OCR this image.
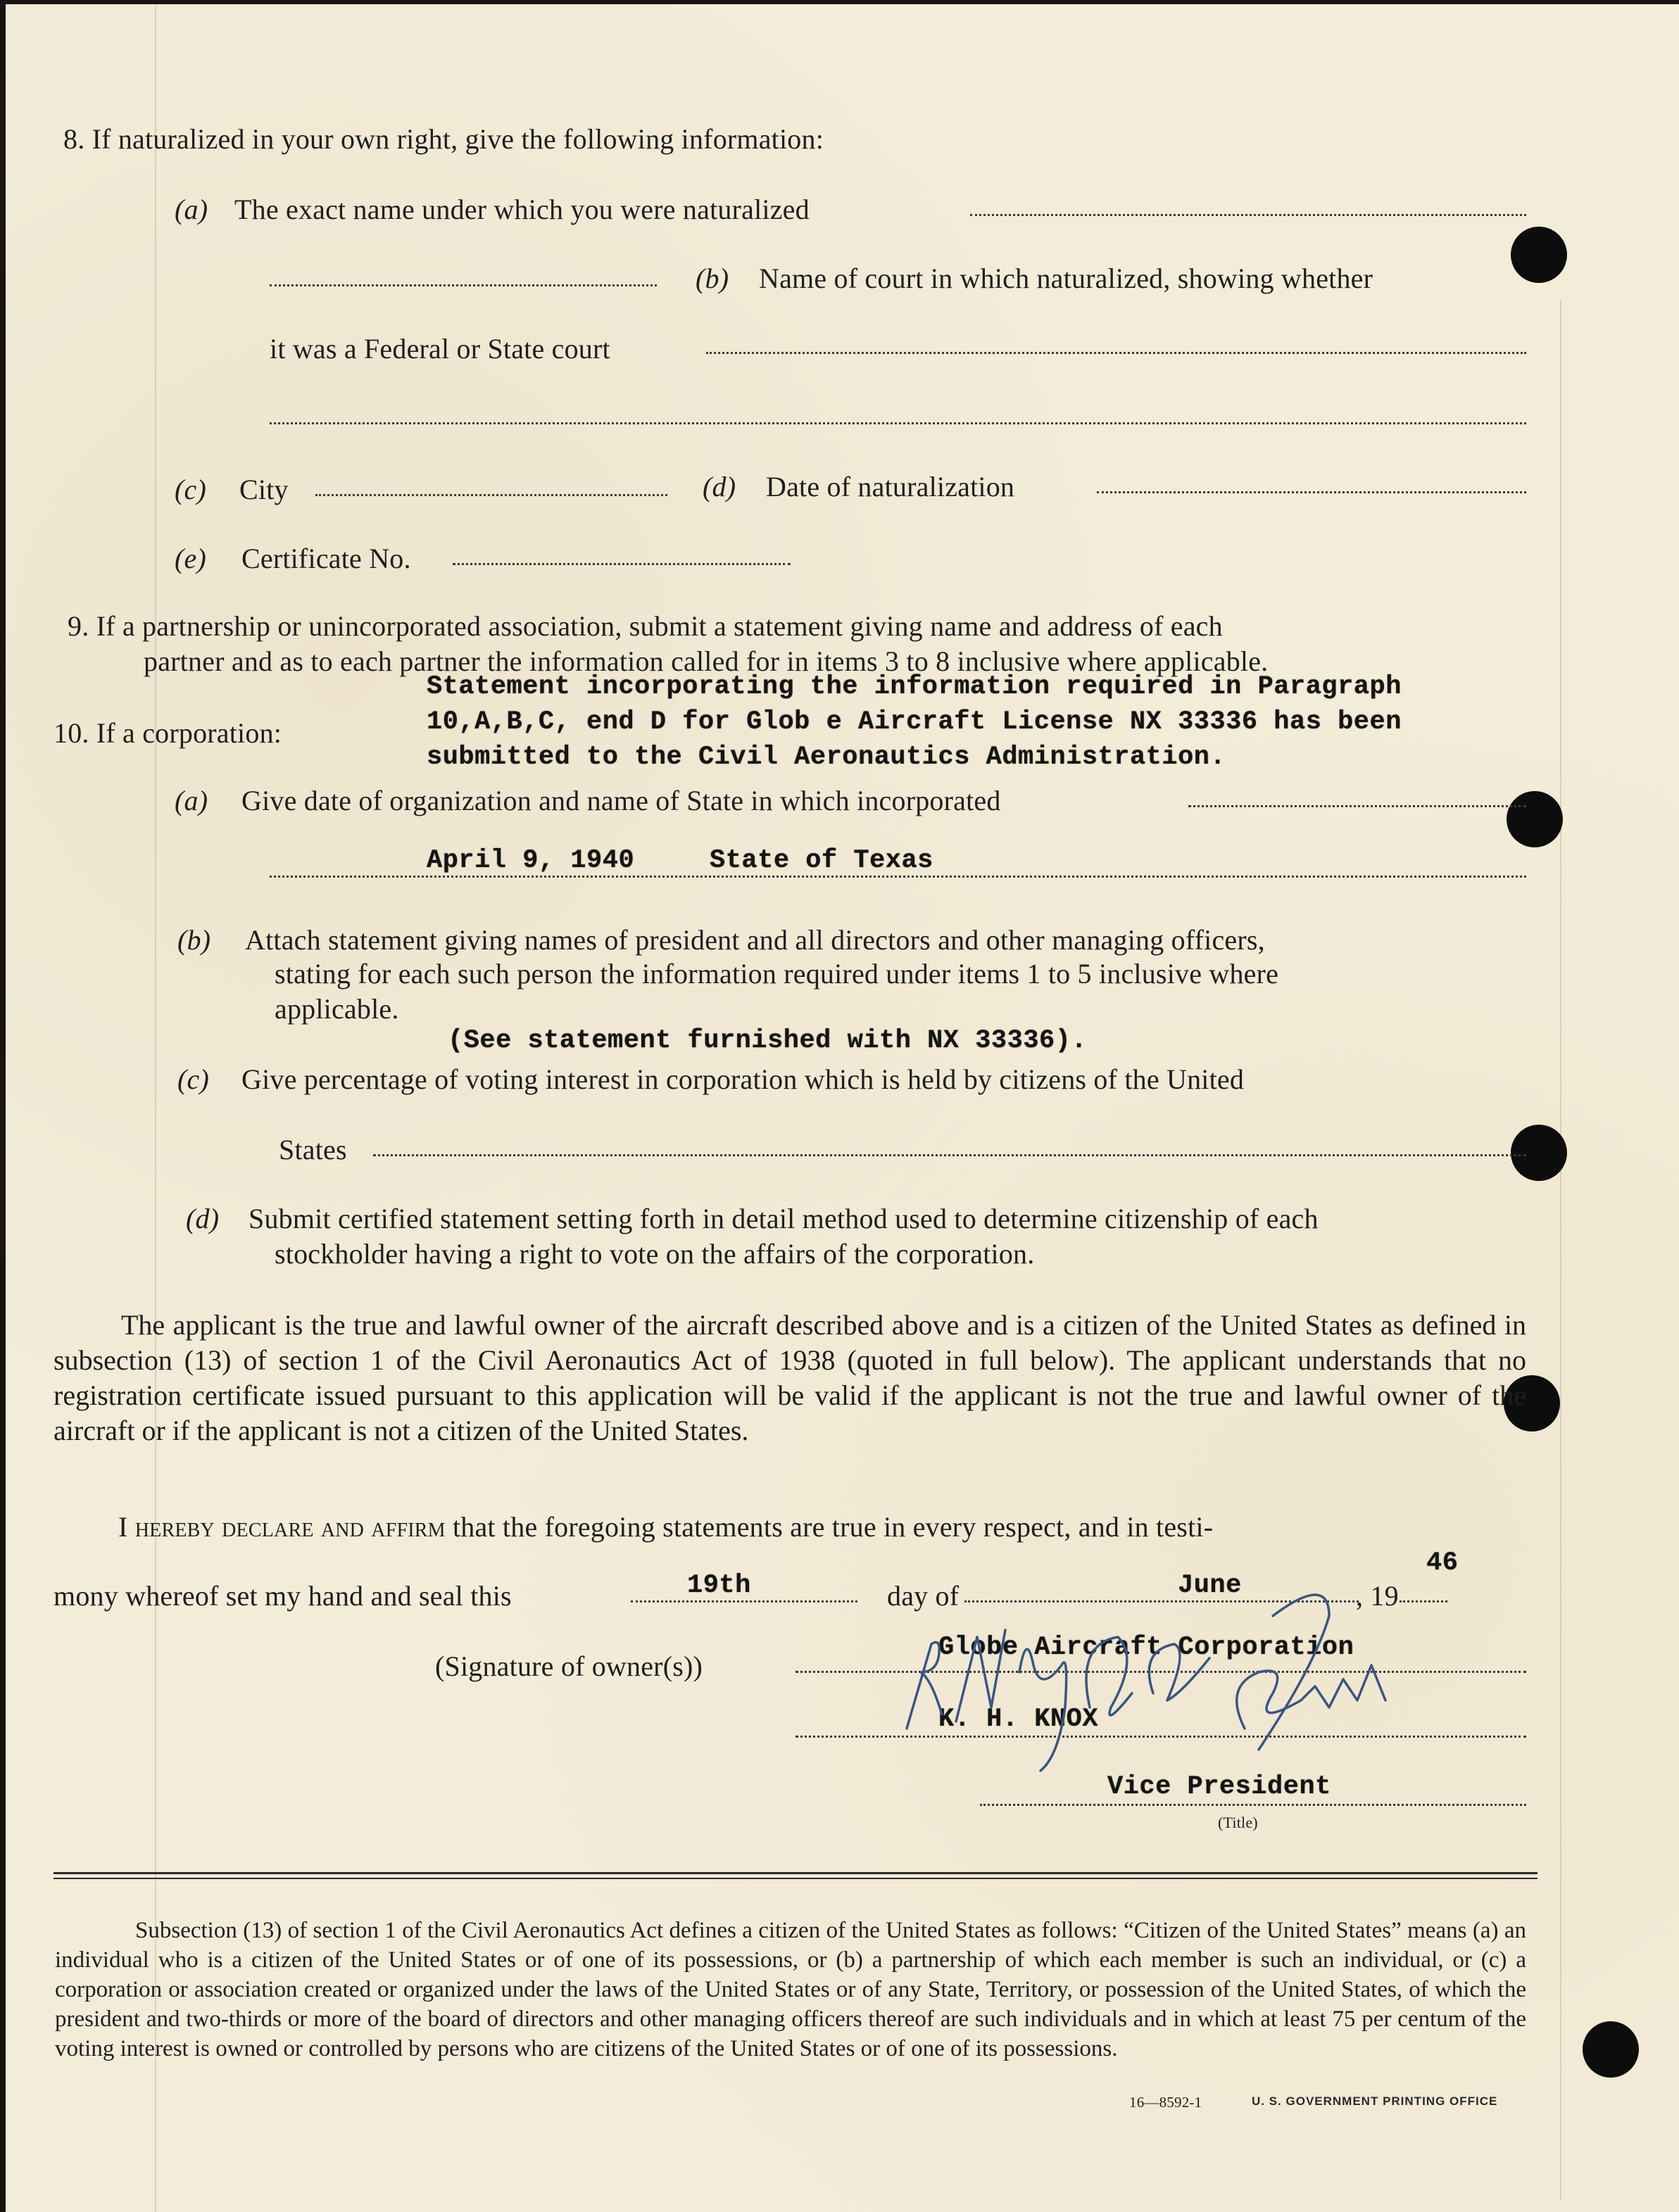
8. If naturalized in your own right, give the following information:
(a) The exact name under which you were naturalized
(b) Name of court in which naturalized, showing whether
it was a Federal or State court
(c) City	(d) Date of naturalization
(e) Certificate No.
9. If a partnership or unincorporated association, submit a statement giving name and address of each
partner and as to each partner the information called for in items 3 to 8 inclusive where applicable.
Statement incorporating the information required in Paragraph
10. If a corporation:	10,A,B,C, end D for Glob e Aircraft License NX 33336 has been
submitted to the Civil Aeronautics Administration.
(a) Give date of organization and name of State in which incorporated
April 9, 1940	State of Texas
(b) Attach statement giving names of president and all directors and other managing officers,
stating for each such person the information required under items 1 to 5 inclusive where
applicable.
(See statement furnished with NX 33336).
(c) Give percentage of voting interest in corporation which is held by citizens of the United
States
(d) Submit certified statement setting forth in detail method used to determine citizenship of each
stockholder having a right to vote on the affairs of the corporation.
The applicant is the true and lawful owner of the aircraft described above and is a citizen of the United States as defined in subsection (13) of section 1 of the Civil Aeronautics Act of 1938 (quoted in full below). The applicant understands that no registration certificate issued pursuant to this application will be valid if the applicant is not the true and lawful owner of the aircraft or if the applicant is not a citizen of the United States.
I hereby declare and affirm that the foregoing statements are true in every respect, and in testi-
mony whereof set my hand and seal this	19th	day of	June	, 19
46
(Signature of owner(s))
Globe Aircraft Corporation
K. H. KNOX
Vice President
(Title)
Subsection (13) of section 1 of the Civil Aeronautics Act defines a citizen of the United States as follows: “Citizen of the United States” means (a) an individual who is a citizen of the United States or of one of its possessions, or (b) a partnership of which each member is such an individual, or (c) a corporation or association created or organized under the laws of the United States or of any State, Territory, or possession of the United States, of which the president and two-thirds or more of the board of directors and other managing officers thereof are such individuals and in which at least 75 per centum of the voting interest is owned or controlled by persons who are citizens of the United States or of one of its possessions.
16—8592-1	U. S. GOVERNMENT PRINTING OFFICE
